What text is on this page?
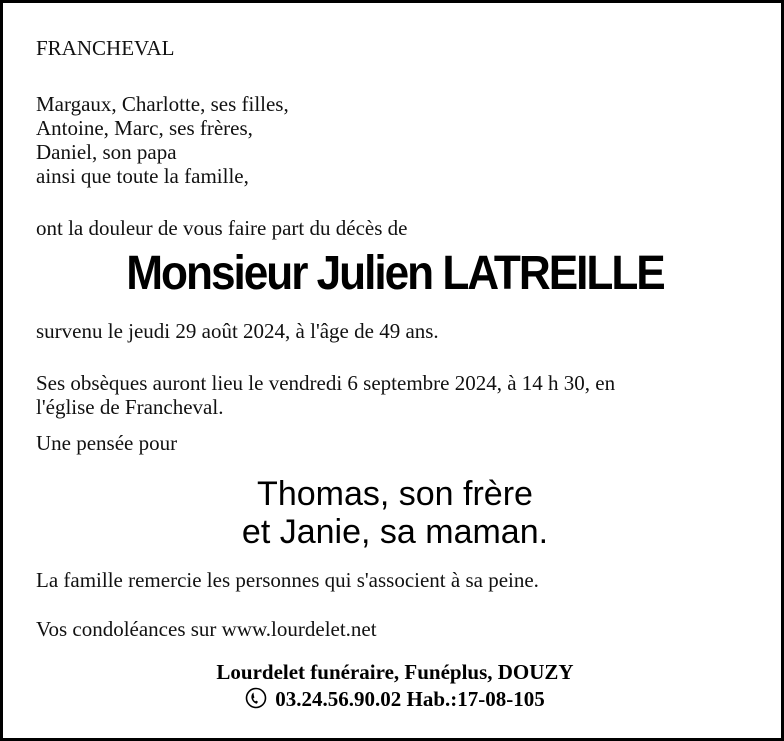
FRANCHEVAL
Margaux, Charlotte, ses filles,
Antoine, Marc, ses frères,
Daniel, son papa
ainsi que toute la famille,
ont la douleur de vous faire part du décès de
Monsieur Julien LATREILLE
survenu le jeudi 29 août 2024, à l'âge de 49 ans.
Ses obsèques auront lieu le vendredi 6 septembre 2024, à 14 h 30, en
l'église de Francheval.
Une pensée pour
Thomas, son frère
et Janie, sa maman.
La famille remercie les personnes qui s'associent à sa peine.
Vos condoléances sur www.lourdelet.net
Lourdelet funéraire, Funéplus, DOUZY
03.24.56.90.02 Hab.:17-08-105
